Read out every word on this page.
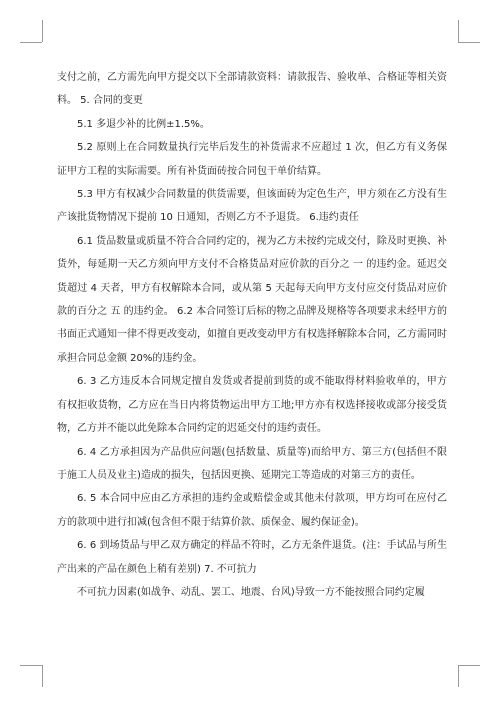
支付之前，乙方需先向甲方提交以下全部请款资料：请款报告、验收单、合格证等相关资料。 5. 合同的变更

5.1 多退少补的比例±1.5%。

5.2 原则上在合同数量执行完毕后发生的补货需求不应超过 1 次，但乙方有义务保证甲方工程的实际需要。所有补货面砖按合同包干单价结算。

5.3 甲方有权减少合同数量的供货需要，但该面砖为定色生产，甲方须在乙方没有生产该批货物情况下提前 10 日通知，否则乙方不予退货。 6.违约责任

6.1 货品数量或质量不符合合同约定的，视为乙方未按约完成交付，除及时更换、补货外，每延期一天乙方须向甲方支付不合格货品对应价款的百分之 一 的违约金。延迟交货超过 4 天者，甲方有权解除本合同，或从第 5 天起每天向甲方支付应交付货品对应价款的百分之 五 的违约金。 6.2 本合同签订后标的物之品牌及规格等各项要求未经甲方的书面正式通知一律不得更改变动，如擅自更改变动甲方有权选择解除本合同，乙方需同时承担合同总金额 20%的违约金。

6. 3 乙方违反本合同规定擅自发货或者提前到货的或不能取得材料验收单的，甲方有权拒收货物，乙方应在当日内将货物运出甲方工地;甲方亦有权选择接收或部分接受货物，乙方并不能以此免除本合同约定的迟延交付的违约责任。

6. 4 乙方承担因为产品供应问题(包括数量、质量等)而给甲方、第三方(包括但不限于施工人员及业主)造成的损失，包括因更换、延期完工等造成的对第三方的责任。

6. 5 本合同中应由乙方承担的违约金或赔偿金或其他未付款项，甲方均可在应付乙方的款项中进行扣减(包含但不限于结算价款、质保金、履约保证金)。

6. 6 到场货品与甲乙双方确定的样品不符时，乙方无条件退货。(注：手试品与所生产出来的产品在颜色上稍有差别) 7. 不可抗力

不可抗力因素(如战争、动乱、罢工、地震、台风)导致一方不能按照合同约定履
